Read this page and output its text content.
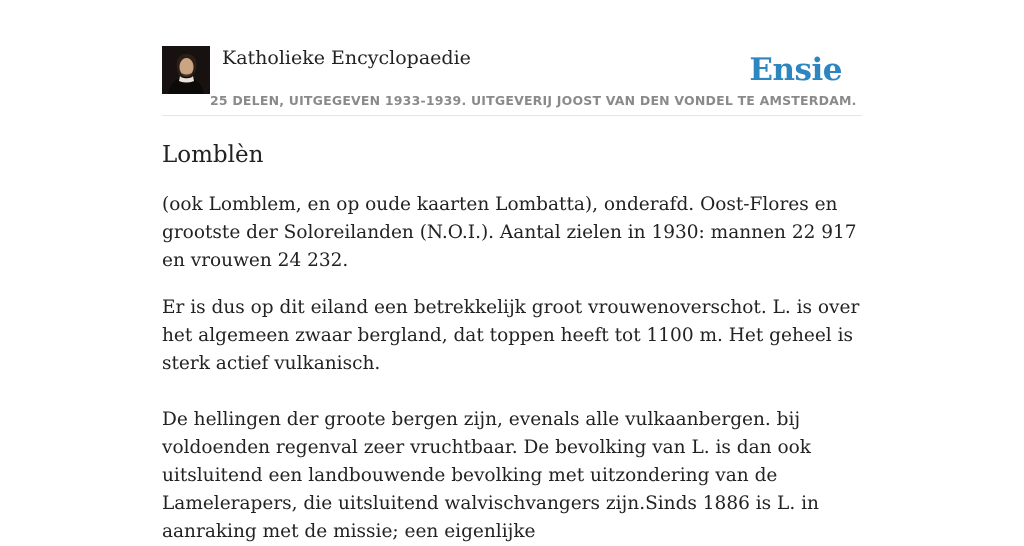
Katholieke Encyclopaedie
25 DELEN, UITGEGEVEN 1933-1939. UITGEVERIJ JOOST VAN DEN VONDEL TE AMSTERDAM.
Ensie
Lomblèn

(ook Lomblem, en op oude kaarten Lombatta), onderafd. Oost-Flores en grootste der Soloreilanden (N.O.I.). Aantal zielen in 1930: mannen 22 917 en vrouwen 24 232.

Er is dus op dit eiland een betrekkelijk groot vrouwenoverschot. L. is over het algemeen zwaar bergland, dat toppen heeft tot 1100 m. Het geheel is sterk actief vulkanisch.

De hellingen der groote bergen zijn, evenals alle vulkaanbergen. bij voldoenden regenval zeer vruchtbaar. De bevolking van L. is dan ook uitsluitend een landbouwende bevolking met uitzondering van de Lamelerapers, die uitsluitend walvischvangers zijn.Sinds 1886 is L. in aanraking met de missie; een eigenlijke
